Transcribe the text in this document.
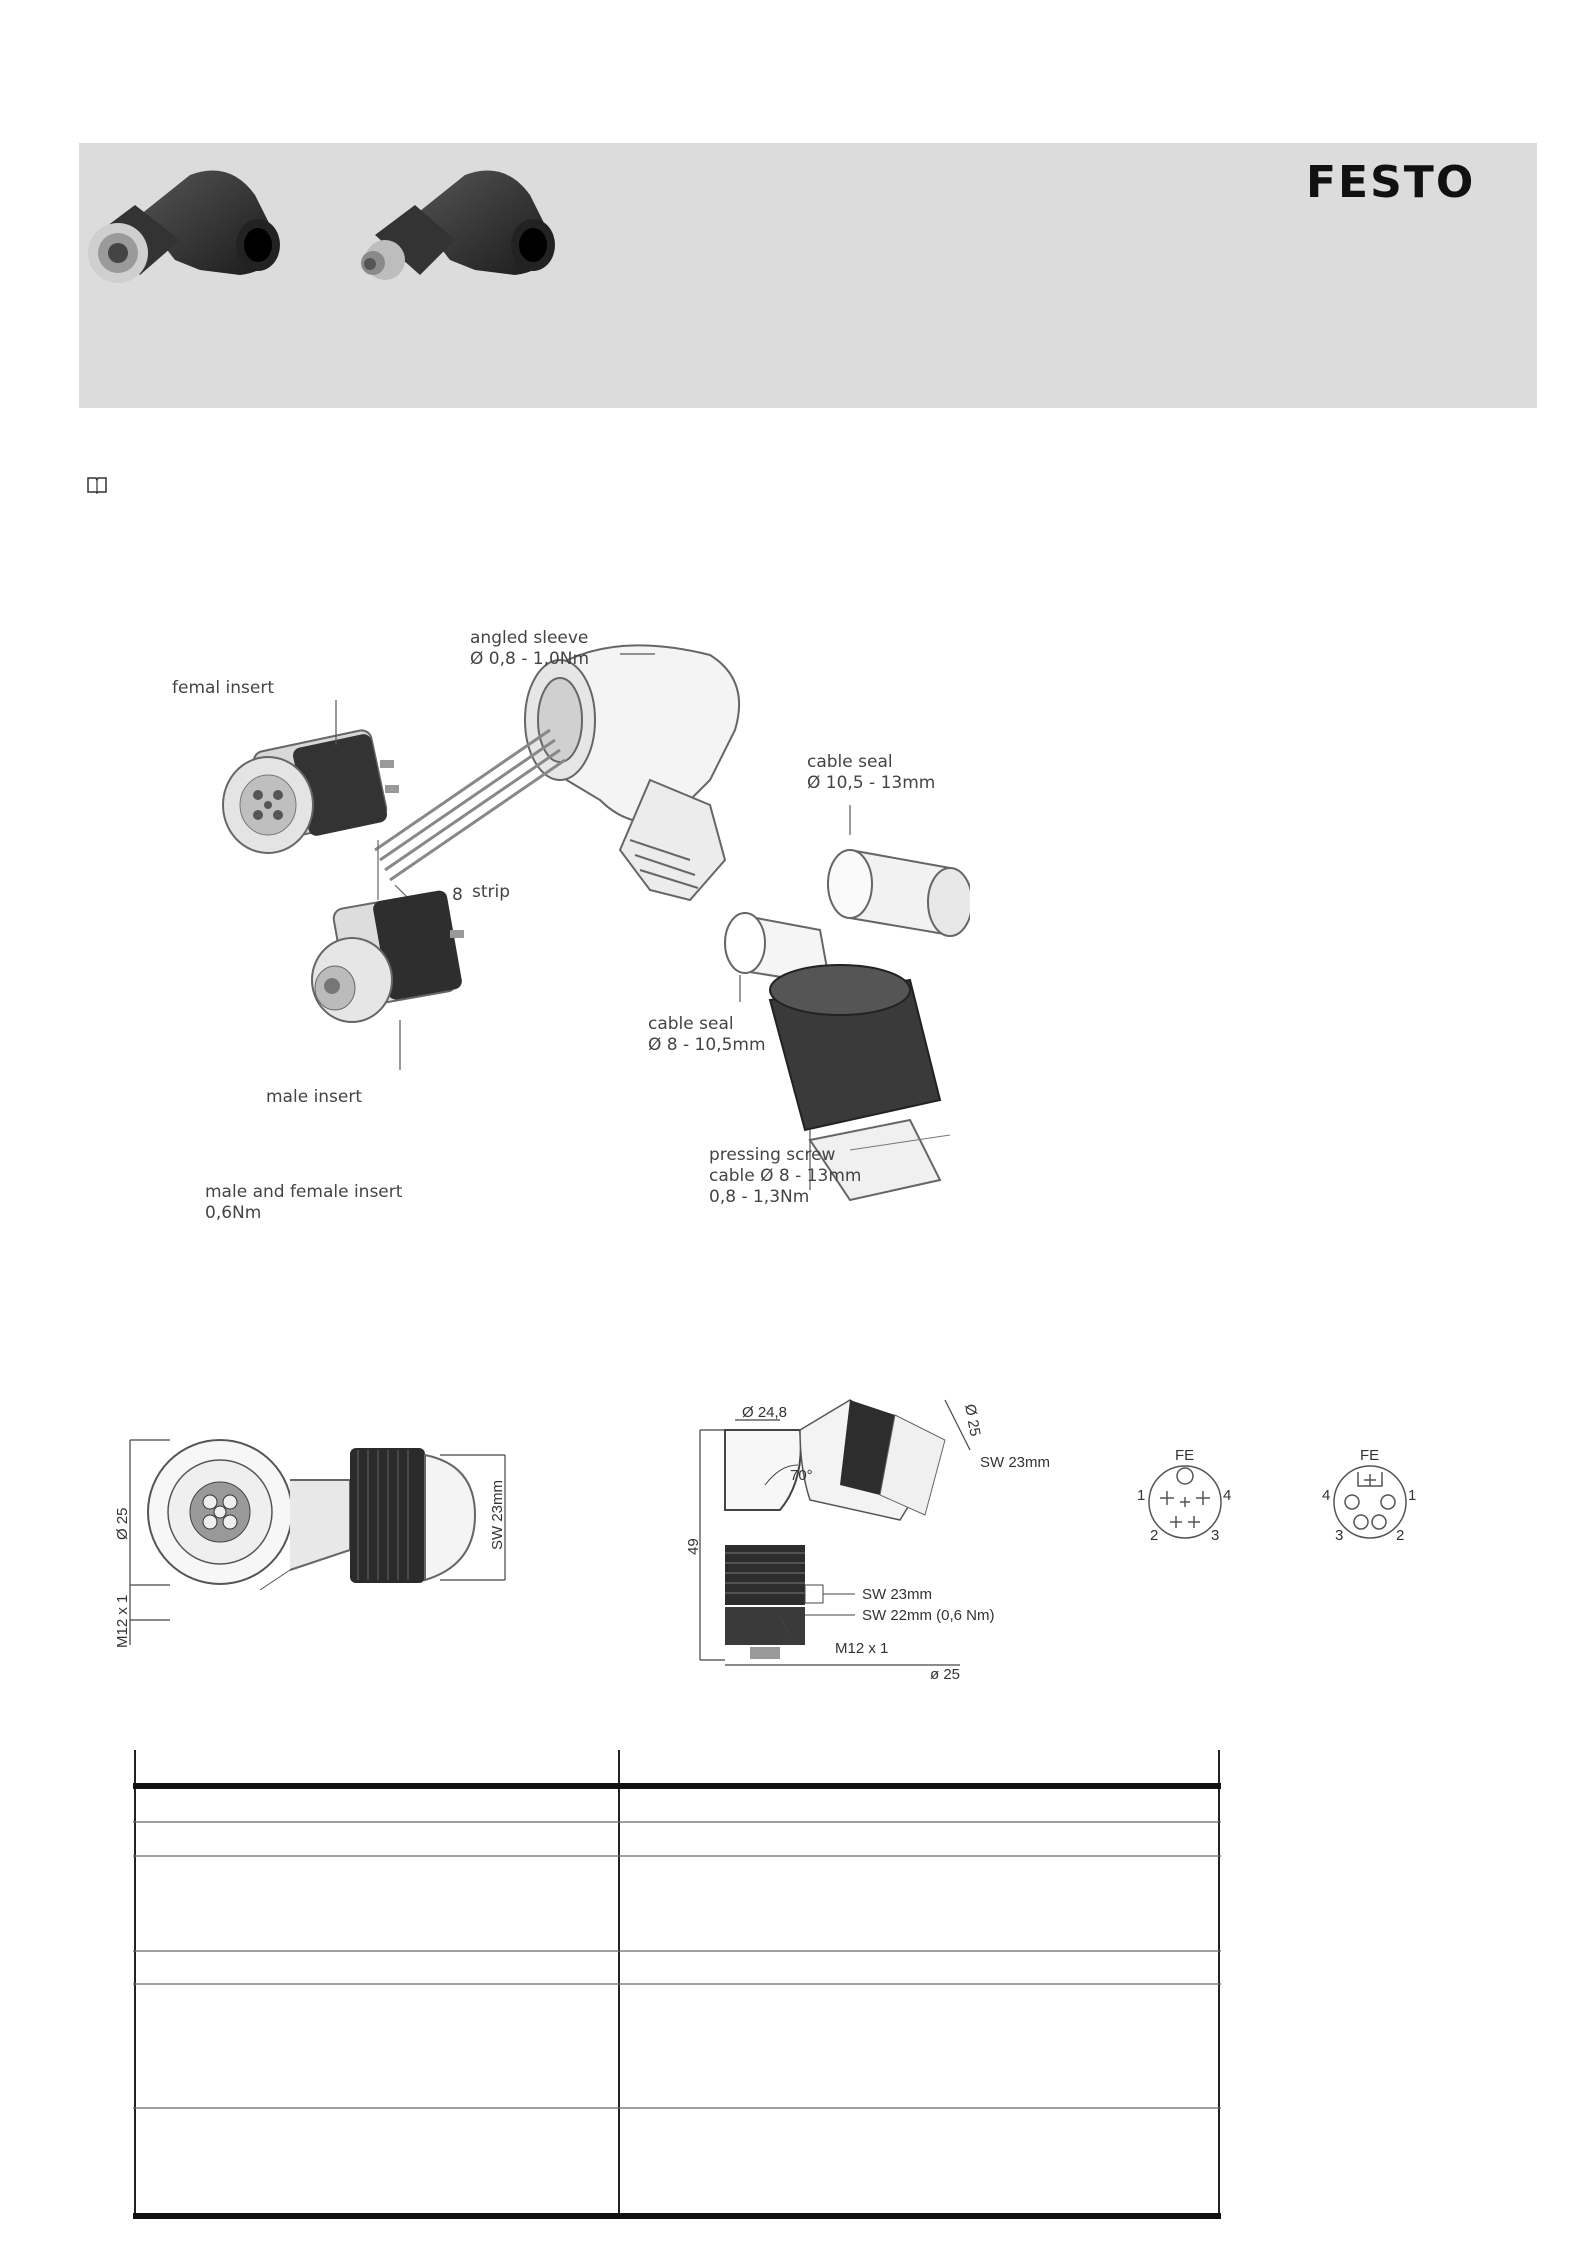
FESTO
8 strip
angled sleeve
Ø 0,8 - 1,0Nm
femal insert
cable seal
Ø 10,5 - 13mm
male insert
cable seal
Ø 8 - 10,5mm
pressing screw
cable Ø 8 - 13mm
0,8 - 1,3Nm
male and female insert
0,6Nm
Ø 25
M12 x 1
SW 23mm
Ø 24,8	Ø 25
SW 23mm
70°
49
SW 23mm
SW 22mm (0,6 Nm)
M12 x 1
ø 25
FE
1	4
2	3
FE
4	1
3	2
